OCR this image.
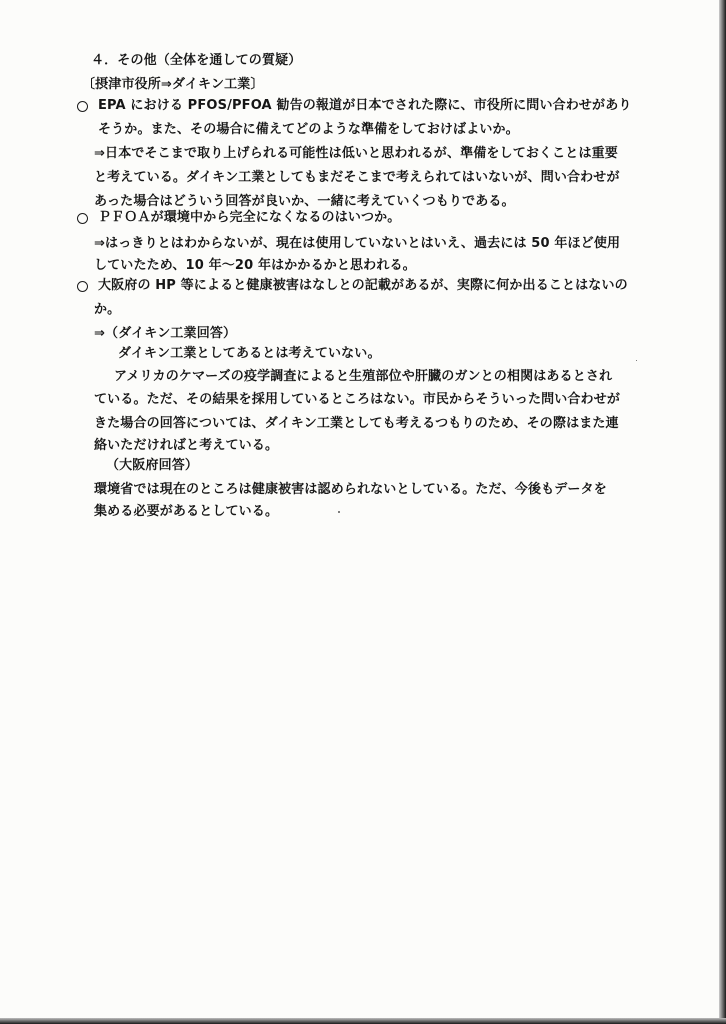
４．その他（全体を通しての質疑）
〔摂津市役所⇒ダイキン工業〕
EPA における PFOS/PFOA 勧告の報道が日本でされた際に、市役所に問い合わせがあり
そうか。また、その場合に備えてどのような準備をしておけばよいか。
⇒日本でそこまで取り上げられる可能性は低いと思われるが、準備をしておくことは重要
と考えている。ダイキン工業としてもまだそこまで考えられてはいないが、問い合わせが
あった場合はどういう回答が良いか、一緒に考えていくつもりである。
ＰＦＯＡが環境中から完全になくなるのはいつか。
⇒はっきりとはわからないが、現在は使用していないとはいえ、過去には 50 年ほど使用
していたため、10 年～20 年はかかるかと思われる。
大阪府の HP 等によると健康被害はなしとの記載があるが、実際に何か出ることはないの
か。
⇒（ダイキン工業回答）
ダイキン工業としてあるとは考えていない。
アメリカのケマーズの疫学調査によると生殖部位や肝臓のガンとの相関はあるとされ
ている。ただ、その結果を採用しているところはない。市民からそういった問い合わせが
きた場合の回答については、ダイキン工業としても考えるつもりのため、その際はまた連
絡いただければと考えている。
（大阪府回答）
環境省では現在のところは健康被害は認められないとしている。ただ、今後もデータを
集める必要があるとしている。
